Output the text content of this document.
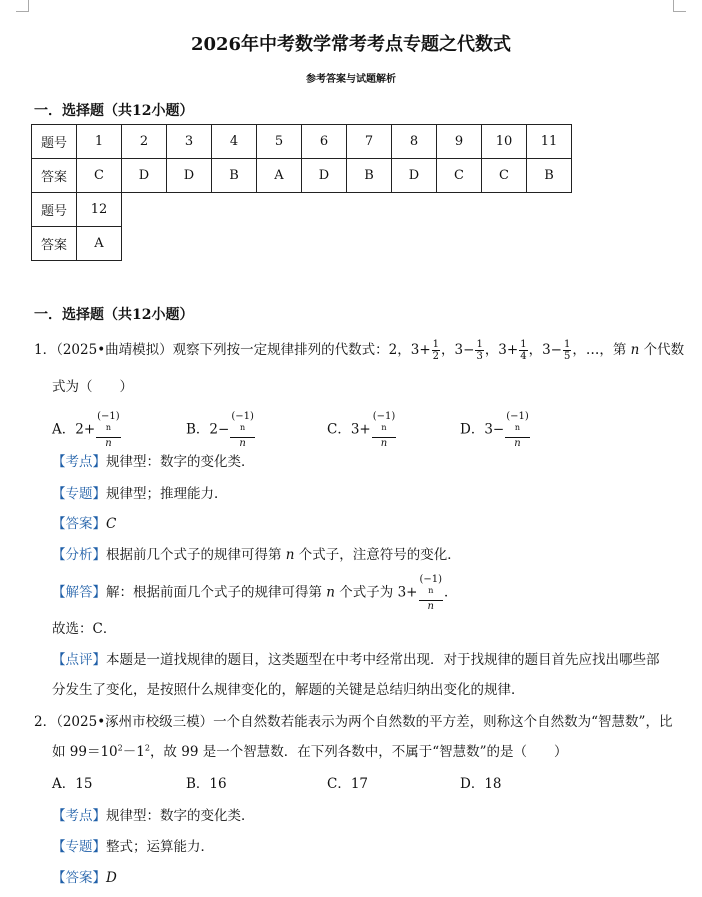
2026年中考数学常考考点专题之代数式
参考答案与试题解析
一．选择题（共12小题）
题号	1	2	3	4	5	6	7	8	9	10	11
答案	C	D	D	B	A	D	B	D	C	C	B
题号	12										
答案	A										
一．选择题（共12小题）
1．（2025•曲靖模拟）观察下列按一定规律排列的代数式：2，$3+ \frac{1}{2}$ ，$3- \frac{1}{3}$ ，$3+ \frac{1}{4}$ ，$3- \frac{1}{5}$ ，…，第 n 个代数
式为（　　）
A．2+ (−1)
$^n$
n	B．2− (−1)
$^n$
n	C．3+ (−1)
$^n$
n	D．3− (−1)
$^n$
n
【考点】规律型：数字的变化类．
【专题】规律型；推理能力．
【答案】C
【分析】根据前几个式子的规律可得第 n 个式子，注意符号的变化．
【解答】解：根据前面几个式子的规律可得第 n 个式子为 3+ (−1)
$^n$
n ．
故选：C．
【点评】本题是一道找规律的题目，这类题型在中考中经常出现．对于找规律的题目首先应找出哪些部
分发生了变化，是按照什么规律变化的，解题的关键是总结归纳出变化的规律．
2．（2025•涿州市校级三模）一个自然数若能表示为两个自然数的平方差，则称这个自然数为“智慧数”，比
如 $99=10^2-1^2$，故 99 是一个智慧数．在下列各数中，不属于“智慧数”的是（　　）
A．15	B．16	C．17	D．18
【考点】规律型：数字的变化类．
【专题】整式；运算能力．
【答案】D
